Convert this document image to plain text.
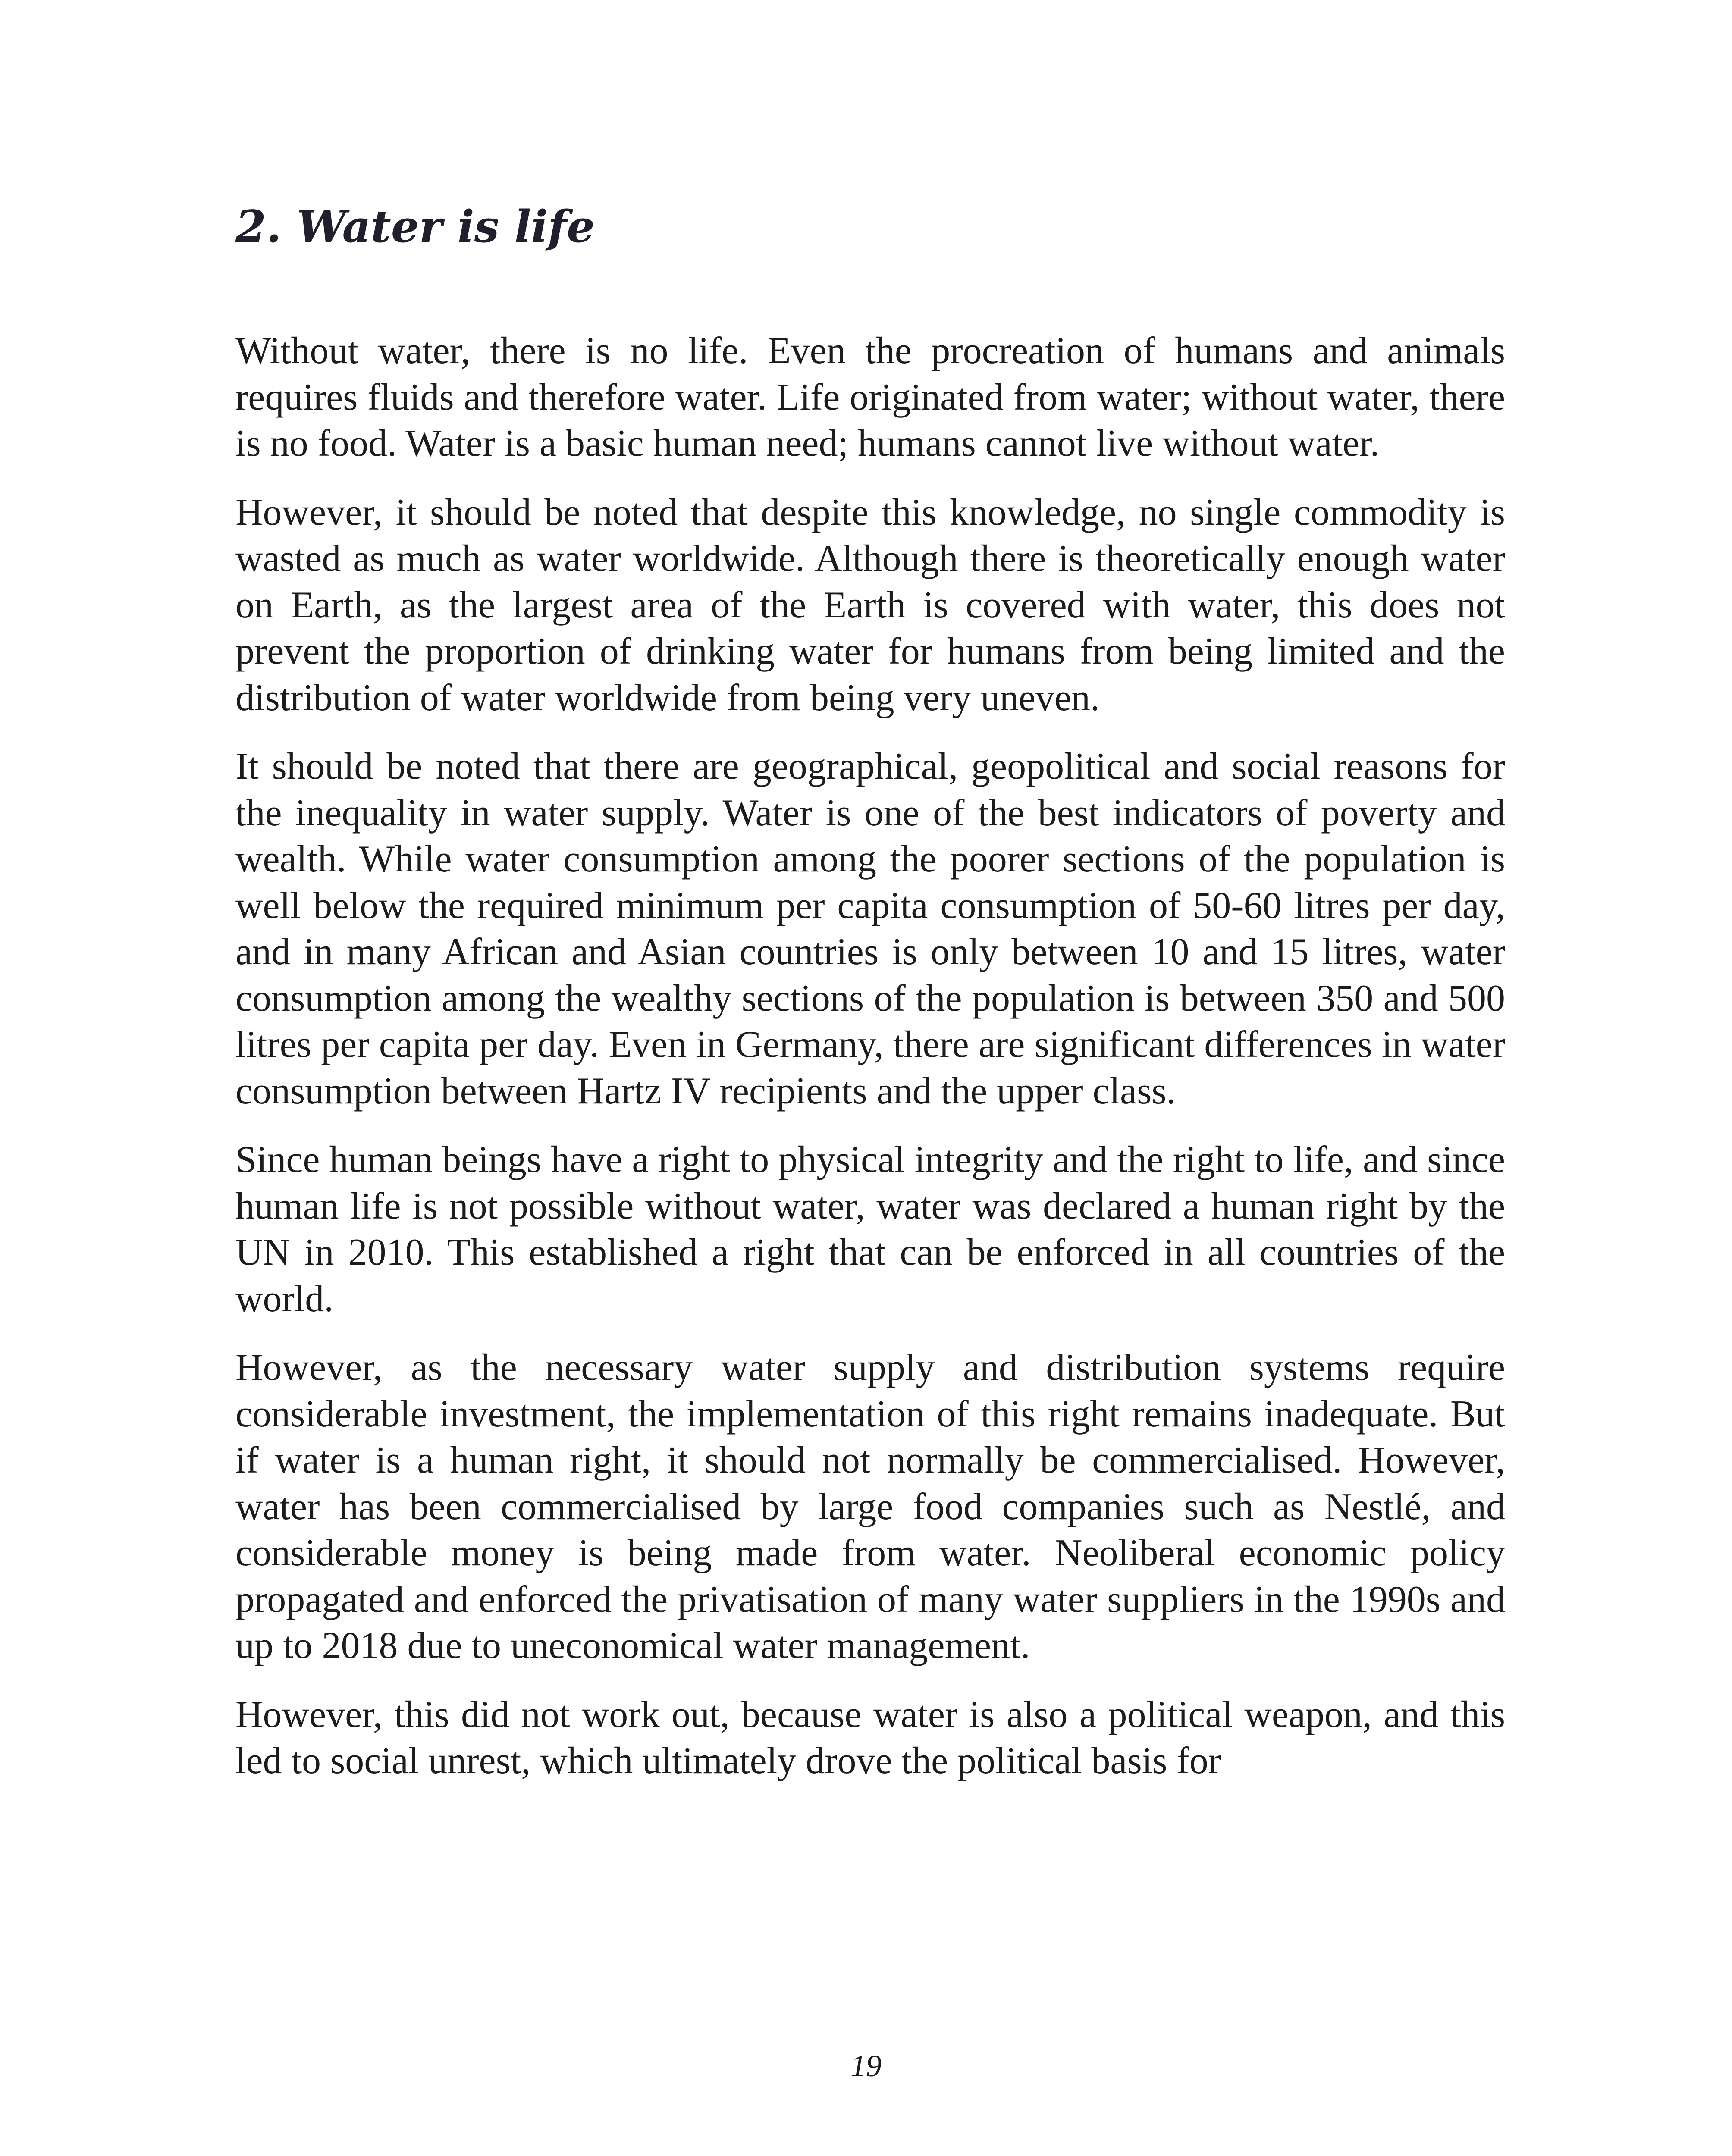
2. Water is life

Without water, there is no life. Even the procreation of humans and animals requires fluids and therefore water. Life originated from water; without water, there is no food. Water is a basic human need; humans cannot live without water.

However, it should be noted that despite this knowledge, no single commodity is wasted as much as water worldwide. Although there is theoretically enough water on Earth, as the largest area of the Earth is covered with water, this does not prevent the proportion of drinking water for humans from being limited and the distribution of water worldwide from being very uneven.

It should be noted that there are geographical, geopolitical and social reasons for the inequality in water supply. Water is one of the best indicators of poverty and wealth. While water consumption among the poorer sections of the population is well below the required minimum per capita consumption of 50-60 litres per day, and in many African and Asian countries is only between 10 and 15 litres, water consumption among the wealthy sections of the population is between 350 and 500 litres per capita per day. Even in Germany, there are significant differences in water consumption between Hartz IV recipients and the upper class.

Since human beings have a right to physical integrity and the right to life, and since human life is not possible without water, water was declared a human right by the UN in 2010. This established a right that can be enforced in all countries of the world.

However, as the necessary water supply and distribution systems require considerable investment, the implementation of this right remains inadequate. But if water is a human right, it should not normally be commercialised. However, water has been commercialised by large food companies such as Nestlé, and considerable money is being made from water. Neoliberal economic policy propagated and enforced the privatisation of many water suppliers in the 1990s and up to 2018 due to uneconomical water management.

However, this did not work out, because water is also a political weapon, and this led to social unrest, which ultimately drove the political basis for

19
